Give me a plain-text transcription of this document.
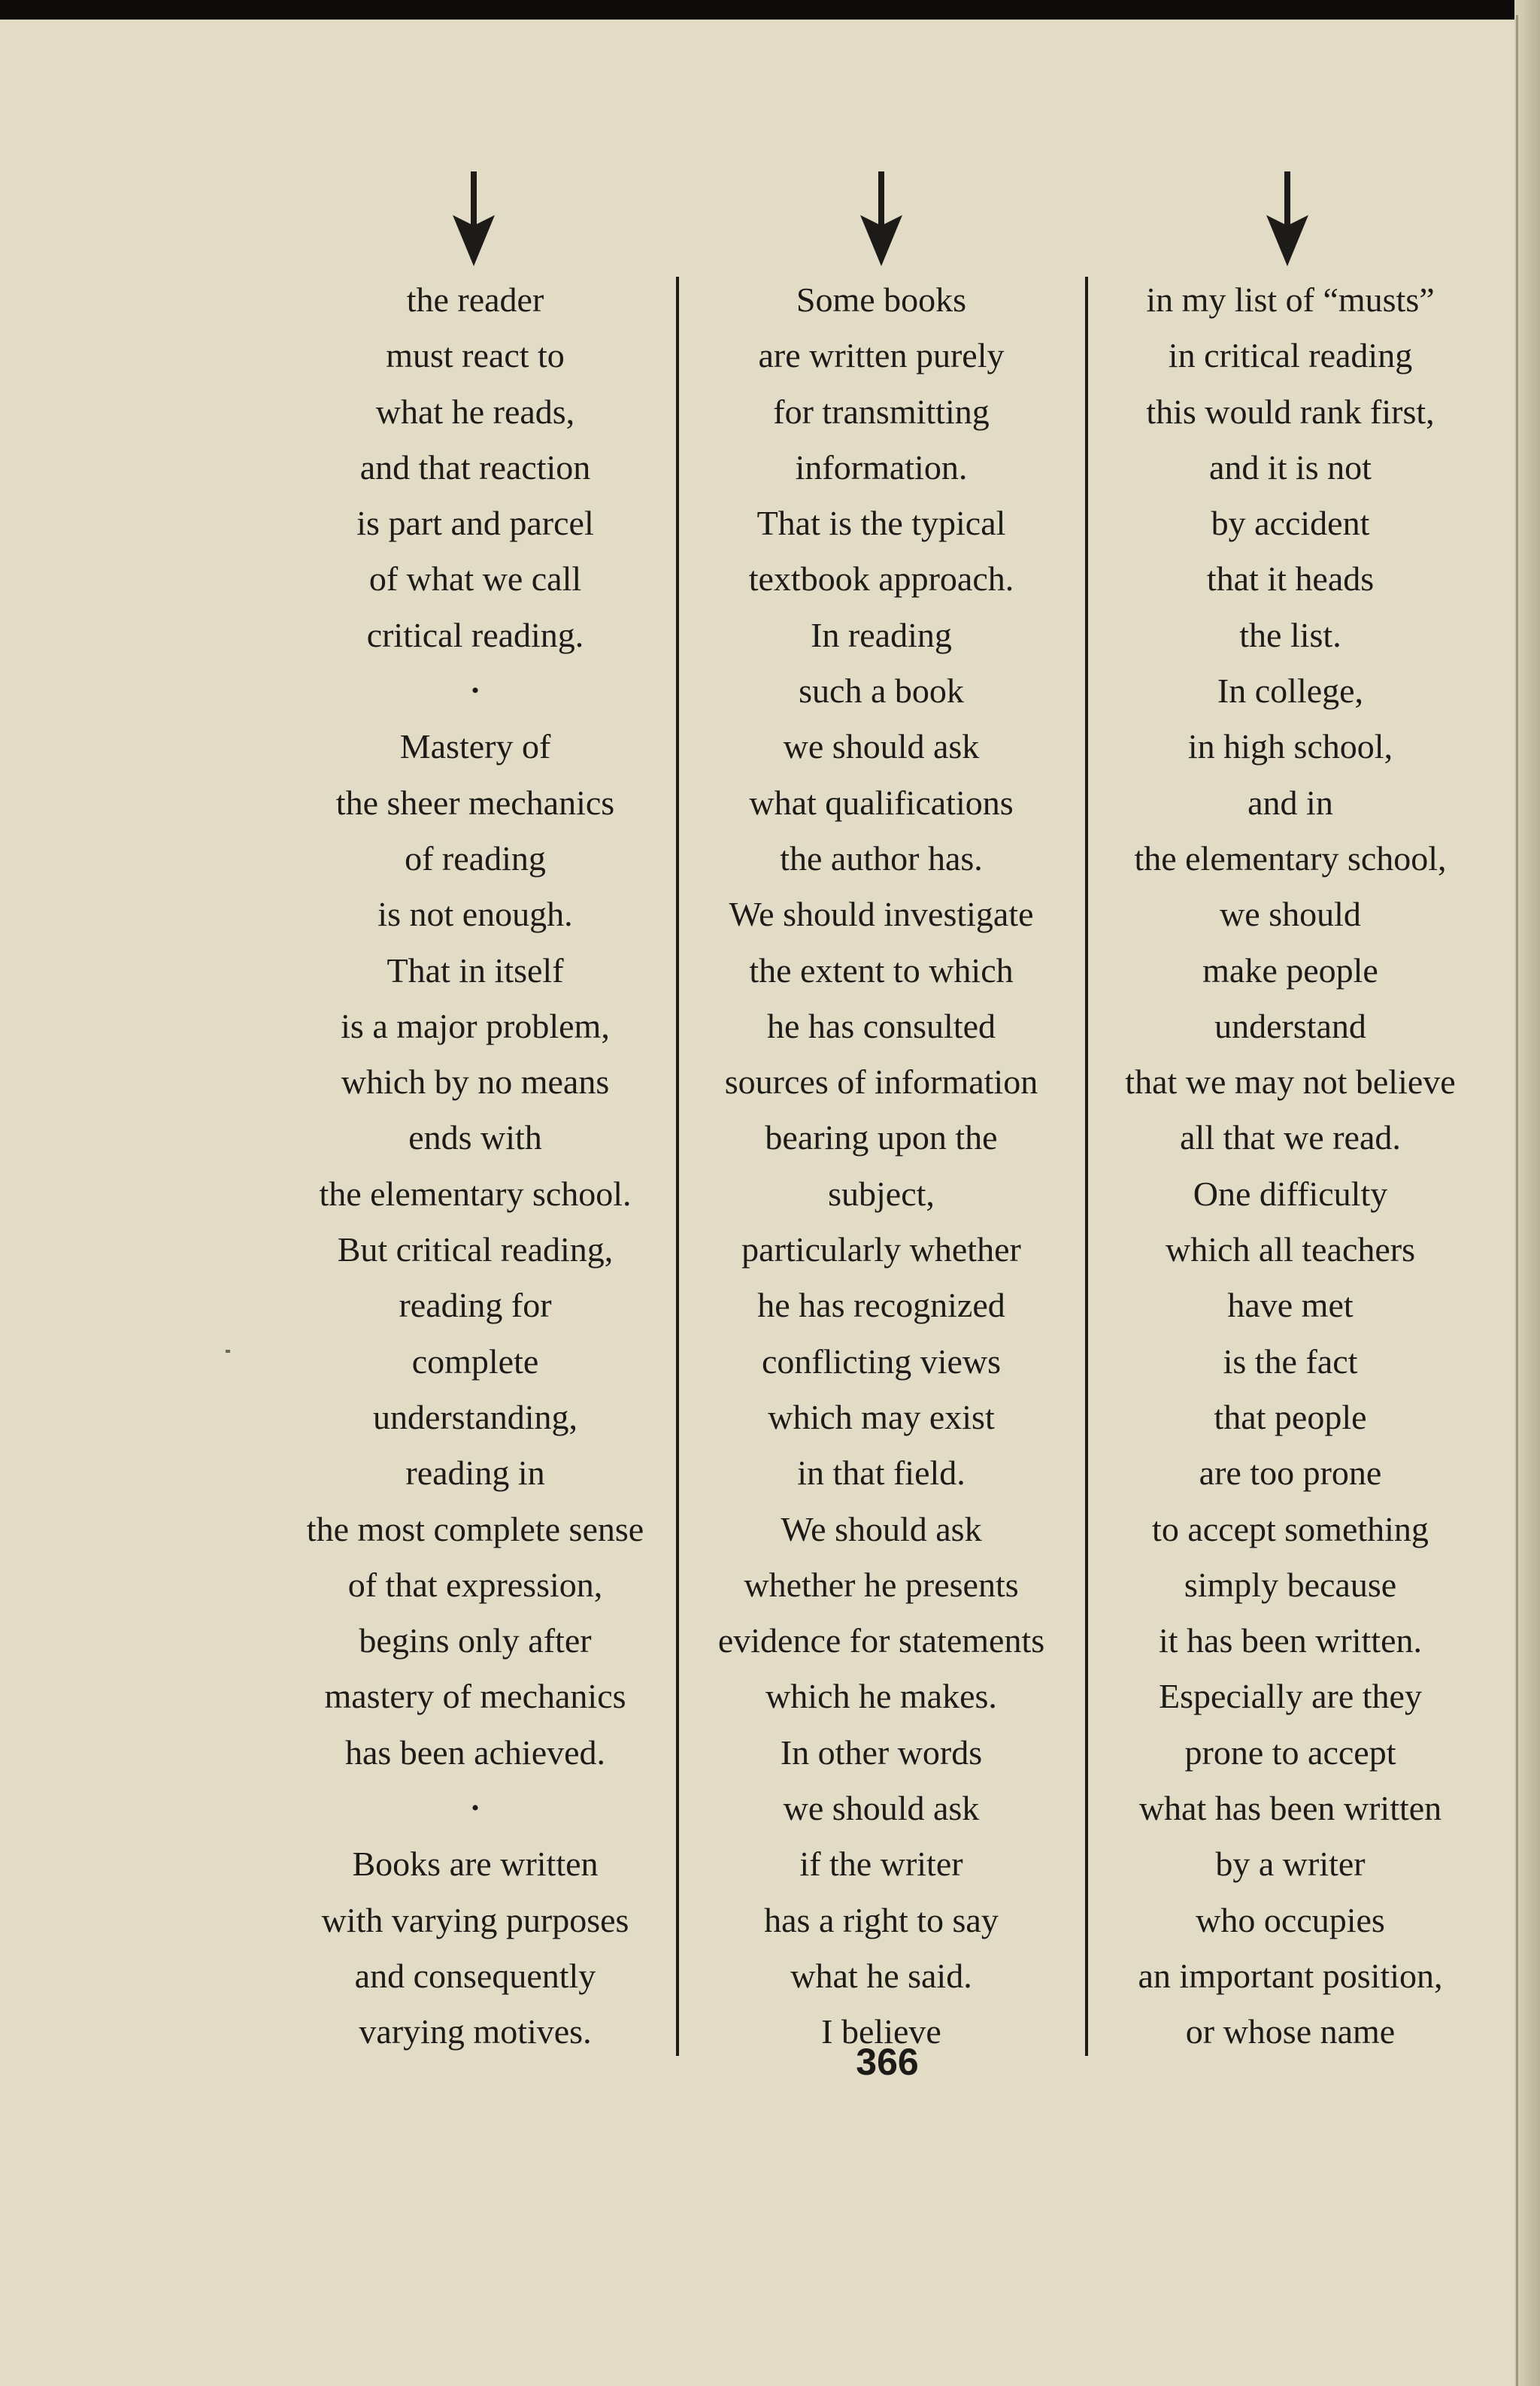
the reader
must react to
what he reads,
and that reaction
is part and parcel
of what we call
critical reading.
•
Mastery of
the sheer mechanics
of reading
is not enough.
That in itself
is a major problem,
which by no means
ends with
the elementary school.
But critical reading,
reading for
complete
understanding,
reading in
the most complete sense
of that expression,
begins only after
mastery of mechanics
has been achieved.
•
Books are written
with varying purposes
and consequently
varying motives.
Some books
are written purely
for transmitting
information.
That is the typical
textbook approach.
In reading
such a book
we should ask
what qualifications
the author has.
We should investigate
the extent to which
he has consulted
sources of information
bearing upon the
subject,
particularly whether
he has recognized
conflicting views
which may exist
in that field.
We should ask
whether he presents
evidence for statements
which he makes.
In other words
we should ask
if the writer
has a right to say
what he said.
I believe
in my list of “musts”
in critical reading
this would rank first,
and it is not
by accident
that it heads
the list.
In college,
in high school,
and in
the elementary school,
we should
make people
understand
that we may not believe
all that we read.
One difficulty
which all teachers
have met
is the fact
that people
are too prone
to accept something
simply because
it has been written.
Especially are they
prone to accept
what has been written
by a writer
who occupies
an important position,
or whose name
366
